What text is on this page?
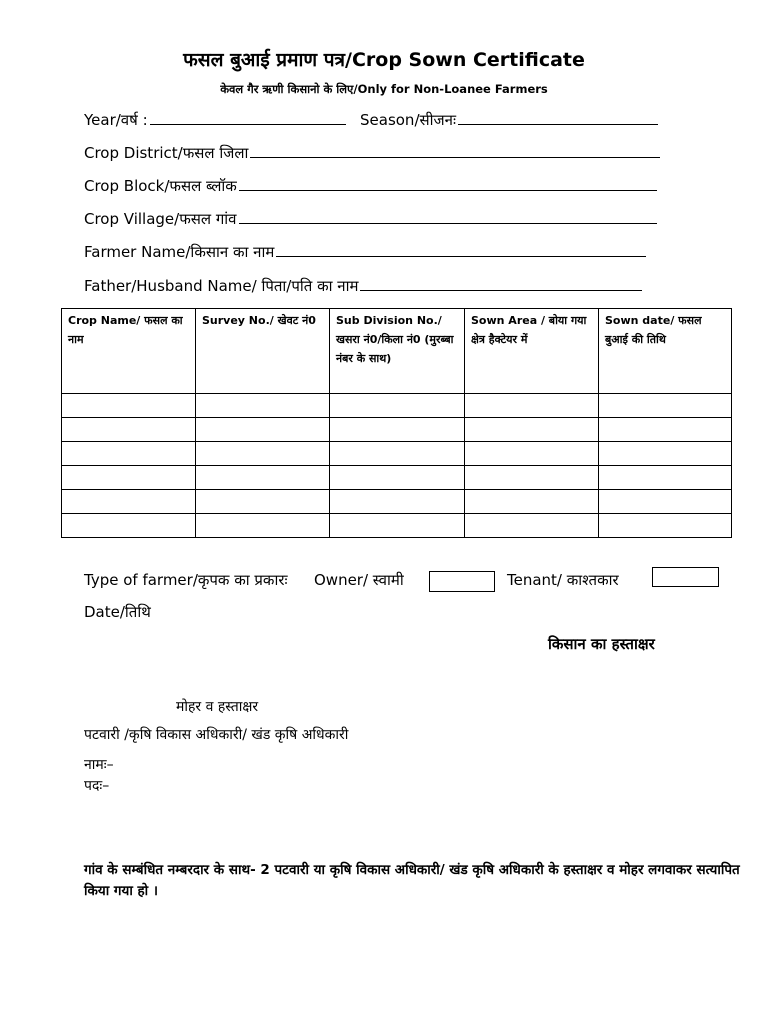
फसल बुआई प्रमाण पत्र/Crop Sown Certificate
केवल गैर ऋणी किसानो के लिए/Only for Non-Loanee Farmers
Year/वर्ष :	Season/सीजनः
Crop District/फसल जिला
Crop Block/फसल ब्लॉक
Crop Village/फसल गांव
Farmer Name/किसान का नाम
Father/Husband Name/ पिता/पति का नाम
Crop Name/ फसल का नाम	Survey No./ खेवट नं0	Sub Division No./ खसरा नं0/किला नं0 (मुरब्बा नंबर के साथ)	Sown Area / बोया गया क्षेत्र हैक्टेयर में	Sown date/ फसल बुआई की तिथि

Type of farmer/कृपक का प्रकारः Owner/ स्वामी	Tenant/ काश्तकार
Date/तिथि
किसान का हस्ताक्षर
मोहर व हस्ताक्षर
पटवारी /कृषि विकास अधिकारी/ खंड कृषि अधिकारी
नामः–
पदः–
गांव के सम्बंधित नम्बरदार के साथ- 2 पटवारी या कृषि विकास अधिकारी/ खंड कृषि अधिकारी के हस्ताक्षर व मोहर लगवाकर सत्यापित किया गया हो ।
